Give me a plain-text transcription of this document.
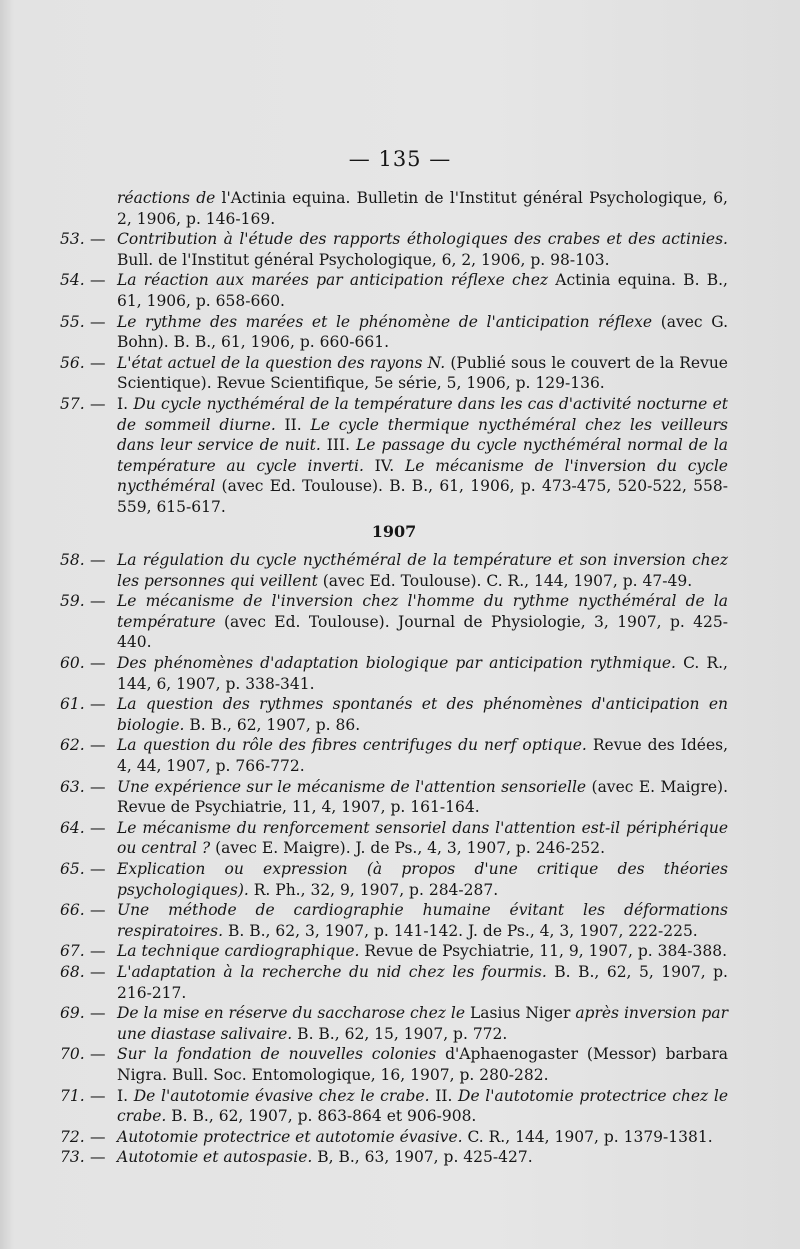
— 135 —
réactions de l'Actinia equina. Bulletin de l'Institut général Psychologique, 6, 2, 1906, p. 146-169.
53. — Contribution à l'étude des rapports éthologiques des crabes et des actinies. Bull. de l'Institut général Psychologique, 6, 2, 1906, p. 98-103.
54. — La réaction aux marées par anticipation réflexe chez Actinia equina. B. B., 61, 1906, p. 658-660.
55. — Le rythme des marées et le phénomène de l'anticipation réflexe (avec G. Bohn). B. B., 61, 1906, p. 660-661.
56. — L'état actuel de la question des rayons N. (Publié sous le couvert de la Revue Scientique). Revue Scientifique, 5e série, 5, 1906, p. 129-136.
57. — I. Du cycle nycthéméral de la température dans les cas d'activité nocturne et de sommeil diurne. II. Le cycle thermique nycthéméral chez les veilleurs dans leur service de nuit. III. Le passage du cycle nycthéméral normal de la température au cycle inverti. IV. Le mécanisme de l'inversion du cycle nycthéméral (avec Ed. Toulouse). B. B., 61, 1906, p. 473-475, 520-522, 558-559, 615-617.
1907
58. — La régulation du cycle nycthéméral de la température et son inversion chez les personnes qui veillent (avec Ed. Toulouse). C. R., 144, 1907, p. 47-49.
59. — Le mécanisme de l'inversion chez l'homme du rythme nycthéméral de la température (avec Ed. Toulouse). Journal de Physiologie, 3, 1907, p. 425-440.
60. — Des phénomènes d'adaptation biologique par anticipation rythmique. C. R., 144, 6, 1907, p. 338-341.
61. — La question des rythmes spontanés et des phénomènes d'anticipation en biologie. B. B., 62, 1907, p. 86.
62. — La question du rôle des fibres centrifuges du nerf optique. Revue des Idées, 4, 44, 1907, p. 766-772.
63. — Une expérience sur le mécanisme de l'attention sensorielle (avec E. Maigre). Revue de Psychiatrie, 11, 4, 1907, p. 161-164.
64. — Le mécanisme du renforcement sensoriel dans l'attention est-il périphérique ou central ? (avec E. Maigre). J. de Ps., 4, 3, 1907, p. 246-252.
65. — Explication ou expression (à propos d'une critique des théories psychologiques). R. Ph., 32, 9, 1907, p. 284-287.
66. — Une méthode de cardiographie humaine évitant les déformations respiratoires. B. B., 62, 3, 1907, p. 141-142. J. de Ps., 4, 3, 1907, 222-225.
67. — La technique cardiographique. Revue de Psychiatrie, 11, 9, 1907, p. 384-388.
68. — L'adaptation à la recherche du nid chez les fourmis. B. B., 62, 5, 1907, p. 216-217.
69. — De la mise en réserve du saccharose chez le Lasius Niger après inversion par une diastase salivaire. B. B., 62, 15, 1907, p. 772.
70. — Sur la fondation de nouvelles colonies d'Aphaenogaster (Messor) barbara Nigra. Bull. Soc. Entomologique, 16, 1907, p. 280-282.
71. — I. De l'autotomie évasive chez le crabe. II. De l'autotomie protectrice chez le crabe. B. B., 62, 1907, p. 863-864 et 906-908.
72. — Autotomie protectrice et autotomie évasive. C. R., 144, 1907, p. 1379-1381.
73. — Autotomie et autospasie. B, B., 63, 1907, p. 425-427.
